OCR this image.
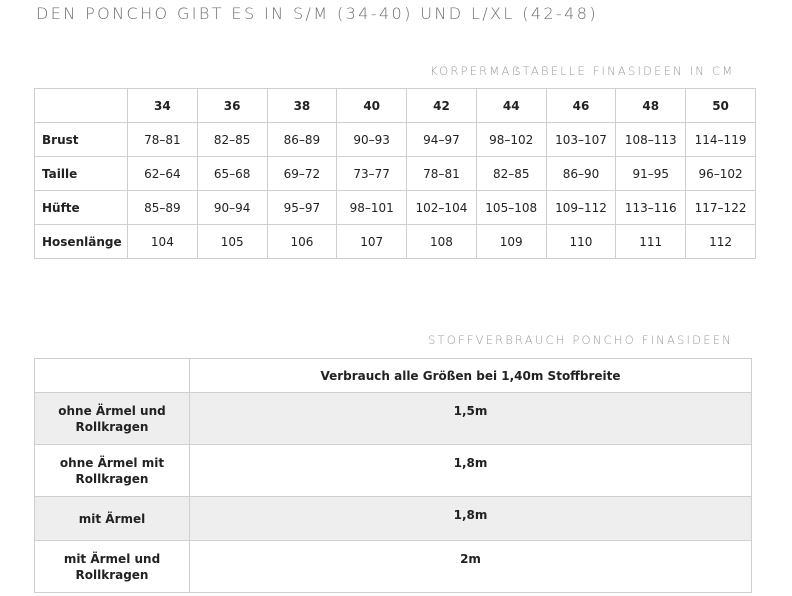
DEN PONCHO GIBT ES IN S/M (34-40) UND L/XL (42-48)
KÖRPERMAẞTABELLE FINASIDEEN IN CM
	34	36	38	40	42	44	46	48	50
Brust	78–81	82–85	86–89	90–93	94–97	98–102	103–107	108–113	114–119
Taille	62–64	65–68	69–72	73–77	78–81	82–85	86–90	91–95	96–102
Hüfte	85–89	90–94	95–97	98–101	102–104	105–108	109–112	113–116	117–122
Hosenlänge	104	105	106	107	108	109	110	111	112
STOFFVERBRAUCH PONCHO FINASIDEEN
	Verbrauch alle Größen bei 1,40m Stoffbreite
ohne Ärmel und Rollkragen	1,5m
ohne Ärmel mit Rollkragen	1,8m
mit Ärmel	1,8m
mit Ärmel und Rollkragen	2m
